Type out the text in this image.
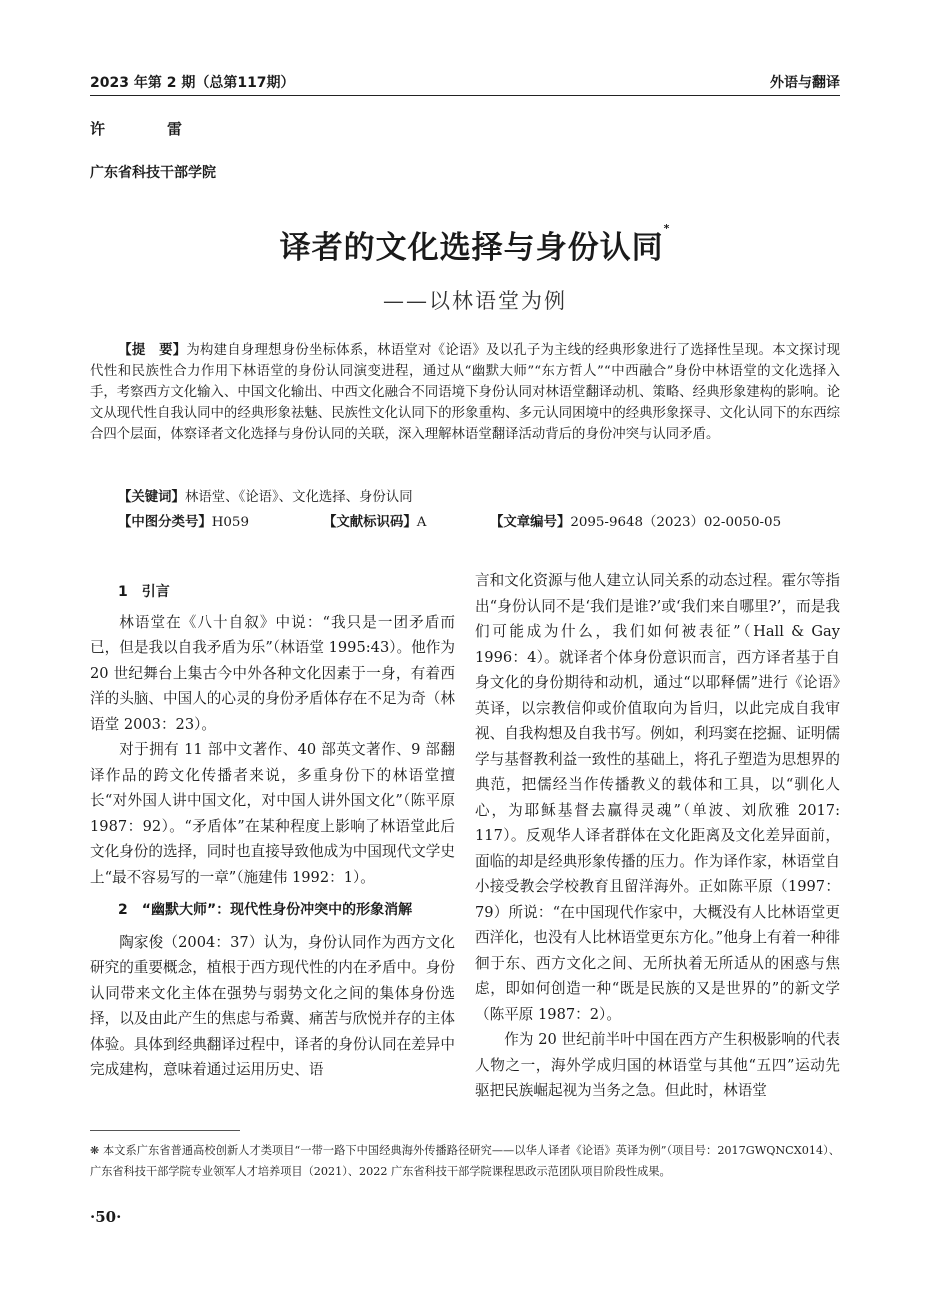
2023 年第 2 期（总第117期）	外语与翻译
许雷
广东省科技干部学院
译者的文化选择与身份认同*
——以林语堂为例
【提　要】为构建自身理想身份坐标体系，林语堂对《论语》及以孔子为主线的经典形象进行了选择性呈现。本文探讨现代性和民族性合力作用下林语堂的身份认同演变进程，通过从“幽默大师”“东方哲人”“中西融合”身份中林语堂的文化选择入手，考察西方文化输入、中国文化输出、中西文化融合不同语境下身份认同对林语堂翻译动机、策略、经典形象建构的影响。论文从现代性自我认同中的经典形象祛魅、民族性文化认同下的形象重构、多元认同困境中的经典形象探寻、文化认同下的东西综合四个层面，体察译者文化选择与身份认同的关联，深入理解林语堂翻译活动背后的身份冲突与认同矛盾。
【关键词】林语堂、《论语》、文化选择、身份认同
【中图分类号】H059	【文献标识码】A	【文章编号】2095-9648（2023）02-0050-05

1　引言

林语堂在《八十自叙》中说：“我只是一团矛盾而已，但是我以自我矛盾为乐”（林语堂 1995:43）。他作为 20 世纪舞台上集古今中外各种文化因素于一身，有着西洋的头脑、中国人的心灵的身份矛盾体存在不足为奇（林语堂 2003：23）。

对于拥有 11 部中文著作、40 部英文著作、9 部翻译作品的跨文化传播者来说，多重身份下的林语堂擅长“对外国人讲中国文化，对中国人讲外国文化”（陈平原 1987：92）。“矛盾体”在某种程度上影响了林语堂此后文化身份的选择，同时也直接导致他成为中国现代文学史上“最不容易写的一章”（施建伟 1992：1）。

2　“幽默大师”：现代性身份冲突中的形象消解

陶家俊（2004：37）认为，身份认同作为西方文化研究的重要概念，植根于西方现代性的内在矛盾中。身份认同带来文化主体在强势与弱势文化之间的集体身份选择，以及由此产生的焦虑与希冀、痛苦与欣悦并存的主体体验。具体到经典翻译过程中，译者的身份认同在差异中完成建构，意味着通过运用历史、语

言和文化资源与他人建立认同关系的动态过程。霍尔等指出“身份认同不是‘我们是谁?’或‘我们来自哪里?’，而是我们可能成为什么，我们如何被表征”（Hall & Gay 1996：4）。就译者个体身份意识而言，西方译者基于自身文化的身份期待和动机，通过“以耶释儒”进行《论语》英译，以宗教信仰或价值取向为旨归，以此完成自我审视、自我构想及自我书写。例如，利玛窦在挖掘、证明儒学与基督教利益一致性的基础上，将孔子塑造为思想界的典范，把儒经当作传播教义的载体和工具，以“驯化人心，为耶稣基督去赢得灵魂”（单波、刘欣雅 2017: 117）。反观华人译者群体在文化距离及文化差异面前，面临的却是经典形象传播的压力。作为译作家，林语堂自小接受教会学校教育且留洋海外。正如陈平原（1997：79）所说：“在中国现代作家中，大概没有人比林语堂更西洋化，也没有人比林语堂更东方化。”他身上有着一种徘徊于东、西方文化之间、无所执着无所适从的困惑与焦虑，即如何创造一种“既是民族的又是世界的”的新文学（陈平原 1987：2）。

作为 20 世纪前半叶中国在西方产生积极影响的代表人物之一，海外学成归国的林语堂与其他“五四”运动先驱把民族崛起视为当务之急。但此时，林语堂

❋ 本文系广东省普通高校创新人才类项目“一带一路下中国经典海外传播路径研究——以华人译者《论语》英译为例”（项目号：2017GWQNCX014）、广东省科技干部学院专业领军人才培养项目（2021）、2022 广东省科技干部学院课程思政示范团队项目阶段性成果。
·50·
